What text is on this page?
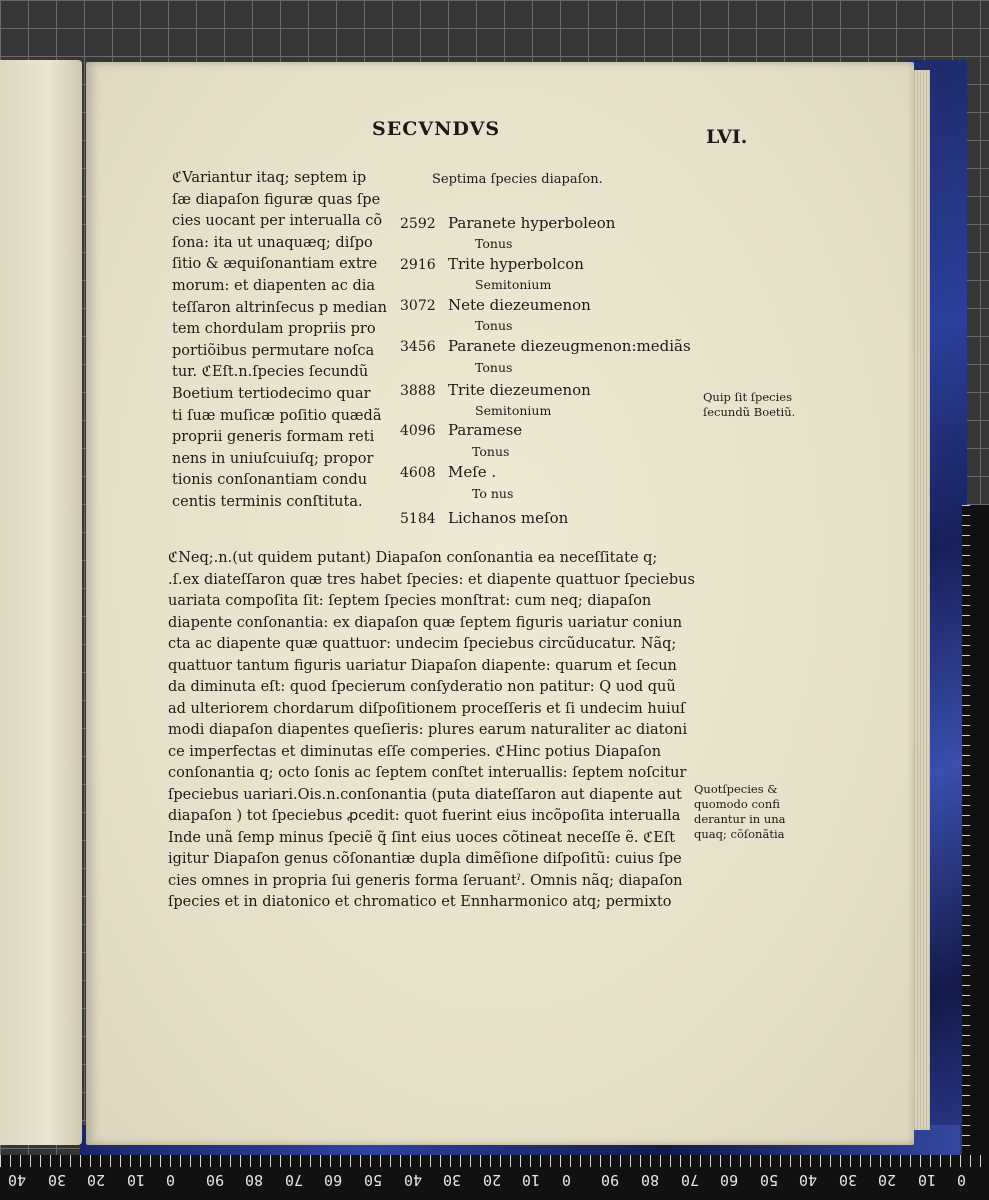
SECVNDVS	LVI.
ℭVariantur itaq; septem ip
ſæ diapaſon figuræ quas ſpe
cies uocant per interualla cõ
ſona: ita ut unaquæq; diſpo
ſitio & æquiſonantiam extre
morum: et diapenten ac dia
teſſaron altrinſecus p median
tem chordulam propriis pro
portiõibus permutare noſca
tur. ℭEſt.n.ſpecies ſecundũ
Boetium tertiodecimo quar
ti ſuæ muſicæ poſitio quædã
proprii generis formam reti
nens in uniuſcuiuſq; propor
tionis conſonantiam condu
centis terminis conſtituta.
Septima ſpecies diapaſon.
2592 Paranete hyperboleon
Tonus
2916 Trite hyperbolcon
Semitonium
3072 Nete diezeumenon
Tonus
3456 Paranete diezeugmenon:mediãs
Tonus
3888 Trite diezeumenon
Semitonium
4096 Paramese
Tonus
4608 Meſe .
To nus
5184 Lichanos meſon
ℭNeq;.n.(ut quidem putant) Diapaſon conſonantia ea neceſſitate q;
.ſ.ex diateſſaron quæ tres habet ſpecies: et diapente quattuor ſpeciebus
uariata compoſita ſit: ſeptem ſpecies monſtrat: cum neq; diapaſon
diapente conſonantia: ex diapaſon quæ ſeptem figuris uariatur coniun
cta ac diapente quæ quattuor: undecim ſpeciebus circũducatur. Nãq;
quattuor tantum figuris uariatur Diapaſon diapente: quarum et ſecun
da diminuta eſt: quod ſpecierum conſyderatio non patitur: Q uod quũ
ad ulteriorem chordarum diſpoſitionem proceſſeris et ſi undecim huiuſ
modi diapaſon diapentes queſieris: plures earum naturaliter ac diatoni
ce imperfectas et diminutas eſſe comperies. ℭHinc potius Diapaſon
conſonantia q; octo ſonis ac ſeptem conſtet interuallis: ſeptem noſcitur
ſpeciebus uariari.Ois.n.conſonantia (puta diateſſaron aut diapente aut
diapaſon ) tot ſpeciebus ꝓcedit: quot fuerint eius incõpoſita interualla
Inde unã ſemp minus ſpeciẽ q̃ ſint eius uoces cõtineat neceſſe ẽ. ℭEſt
igitur Diapaſon genus cõſonantiæ dupla dimẽſione diſpoſitũ: cuius ſpe
cies omnes in propria ſui generis forma ſeruantˀ. Omnis nãq; diapaſon
ſpecies et in diatonico et chromatico et Ennharmonico atq; permixto
Quip ſit ſpecies
ſecundũ Boetiũ.
Quotſpecies &
quomodo confi
derantur in una
quaq; cõſonãtia
40 30 20 10 0 90 80 70 60 50 40 30 20 10 0 90 80 70 60 50 40 30 20 10 0
